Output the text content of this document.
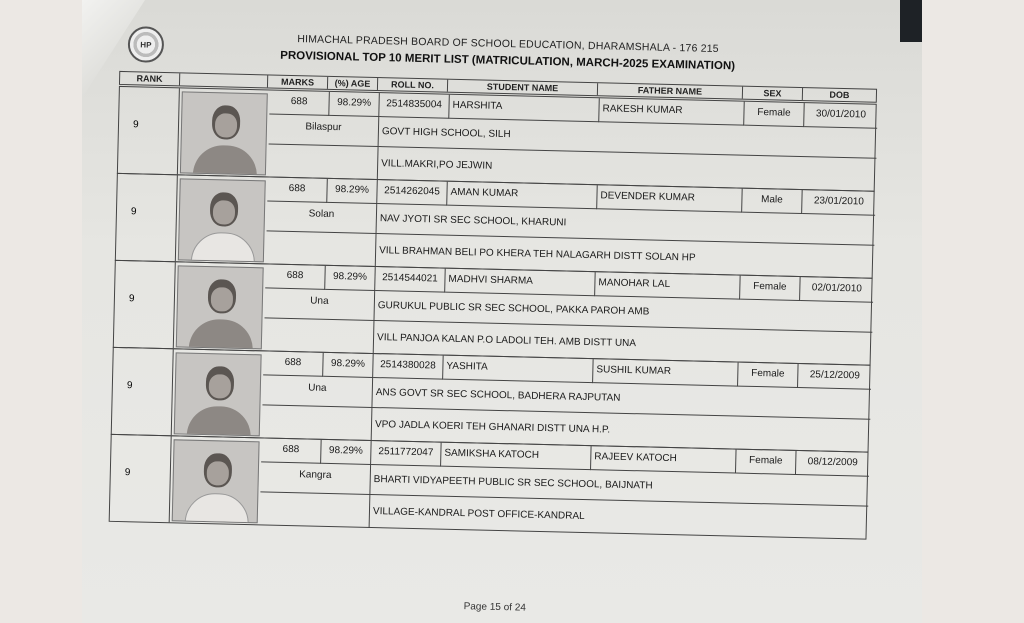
HP	HIMACHAL PRADESH BOARD OF SCHOOL EDUCATION, DHARAMSHALA - 176 215
PROVISIONAL TOP 10 MERIT LIST (MATRICULATION, MARCH-2025 EXAMINATION)
RANK	MARKS	(%) AGE	ROLL NO.	STUDENT NAME	FATHER NAME	SEX	DOB
9
688	98.29%	2514835004	HARSHITA	RAKESH KUMAR	Female	30/01/2010
Bilaspur	GOVT HIGH SCHOOL, SILH
VILL.MAKRI,PO JEJWIN
9
688	98.29%	2514262045	AMAN KUMAR	DEVENDER KUMAR	Male	23/01/2010
Solan	NAV JYOTI SR SEC SCHOOL, KHARUNI
VILL BRAHMAN BELI PO KHERA TEH NALAGARH DISTT SOLAN HP
9
688	98.29%	2514544021	MADHVI SHARMA	MANOHAR LAL	Female	02/01/2010
Una	GURUKUL PUBLIC SR SEC SCHOOL, PAKKA PAROH AMB
VILL PANJOA KALAN P.O LADOLI TEH. AMB DISTT UNA
9
688	98.29%	2514380028	YASHITA	SUSHIL KUMAR	Female	25/12/2009
Una	ANS GOVT SR SEC SCHOOL, BADHERA RAJPUTAN
VPO JADLA KOERI TEH GHANARI DISTT UNA H.P.
9
688	98.29%	2511772047	SAMIKSHA KATOCH	RAJEEV KATOCH	Female	08/12/2009
Kangra	BHARTI VIDYAPEETH PUBLIC SR SEC SCHOOL, BAIJNATH
VILLAGE-KANDRAL POST OFFICE-KANDRAL
Page 15 of 24
